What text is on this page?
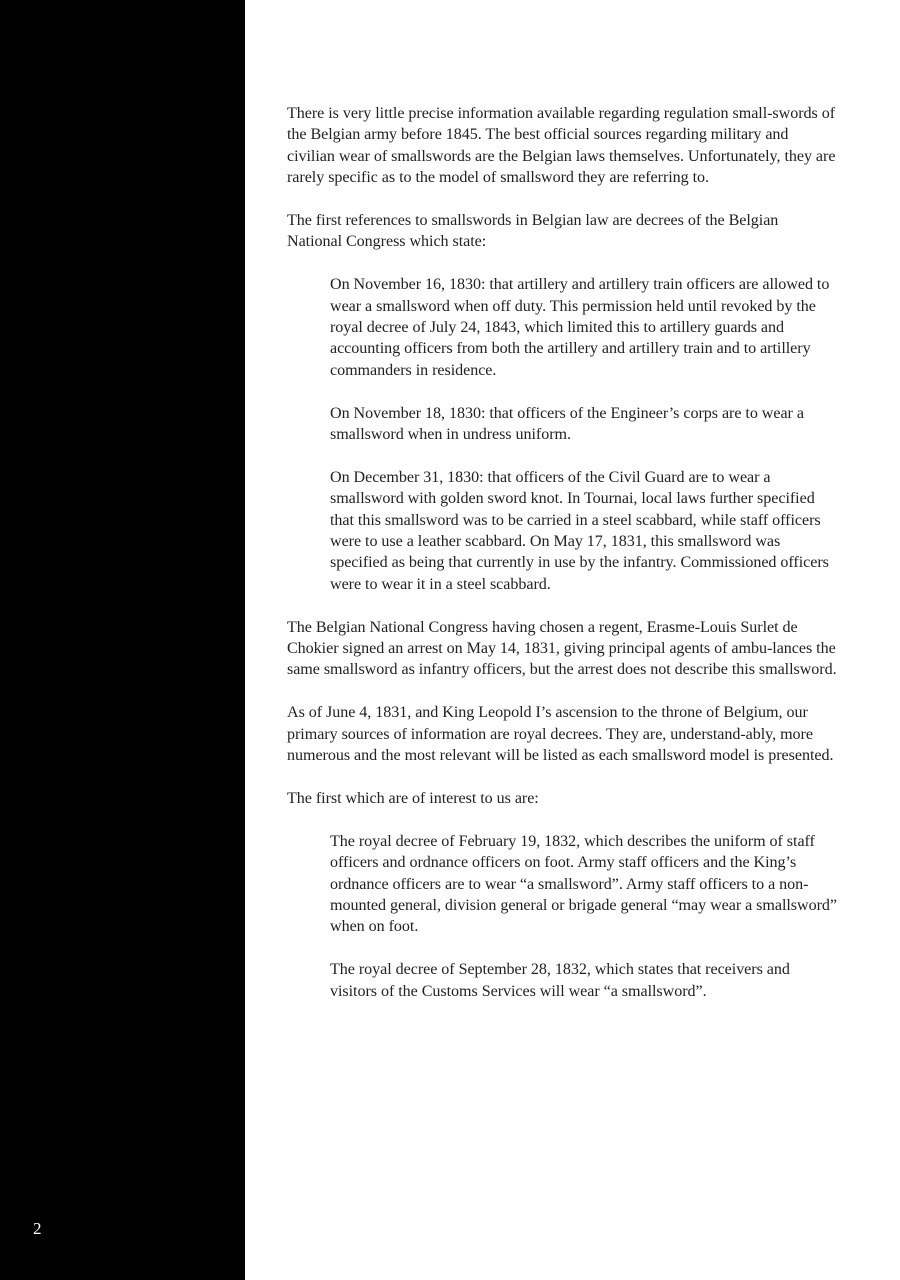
2

There is very little precise information available regarding regulation small-swords of the Belgian army before 1845. The best official sources regarding military and civilian wear of smallswords are the Belgian laws themselves. Unfortunately, they are rarely specific as to the model of smallsword they are referring to.

The first references to smallswords in Belgian law are decrees of the Belgian National Congress which state:

On November 16, 1830: that artillery and artillery train officers are allowed to wear a smallsword when off duty. This permission held until revoked by the royal decree of July 24, 1843, which limited this to artillery guards and accounting officers from both the artillery and artillery train and to artillery commanders in residence.

On November 18, 1830: that officers of the Engineer’s corps are to wear a smallsword when in undress uniform.

On December 31, 1830: that officers of the Civil Guard are to wear a smallsword with golden sword knot. In Tournai, local laws further specified that this smallsword was to be carried in a steel scabbard, while staff officers were to use a leather scabbard. On May 17, 1831, this smallsword was specified as being that currently in use by the infantry. Commissioned officers were to wear it in a steel scabbard.

The Belgian National Congress having chosen a regent, Erasme-Louis Surlet de Chokier signed an arrest on May 14, 1831, giving principal agents of ambu-lances the same smallsword as infantry officers, but the arrest does not describe this smallsword.

As of June 4, 1831, and King Leopold I’s ascension to the throne of Belgium, our primary sources of information are royal decrees. They are, understand-ably, more numerous and the most relevant will be listed as each smallsword model is presented.

The first which are of interest to us are:

The royal decree of February 19, 1832, which describes the uniform of staff officers and ordnance officers on foot. Army staff officers and the King’s ordnance officers are to wear “a smallsword”. Army staff officers to a non-mounted general, division general or brigade general “may wear a smallsword” when on foot.

The royal decree of September 28, 1832, which states that receivers and visitors of the Customs Services will wear “a smallsword”.
